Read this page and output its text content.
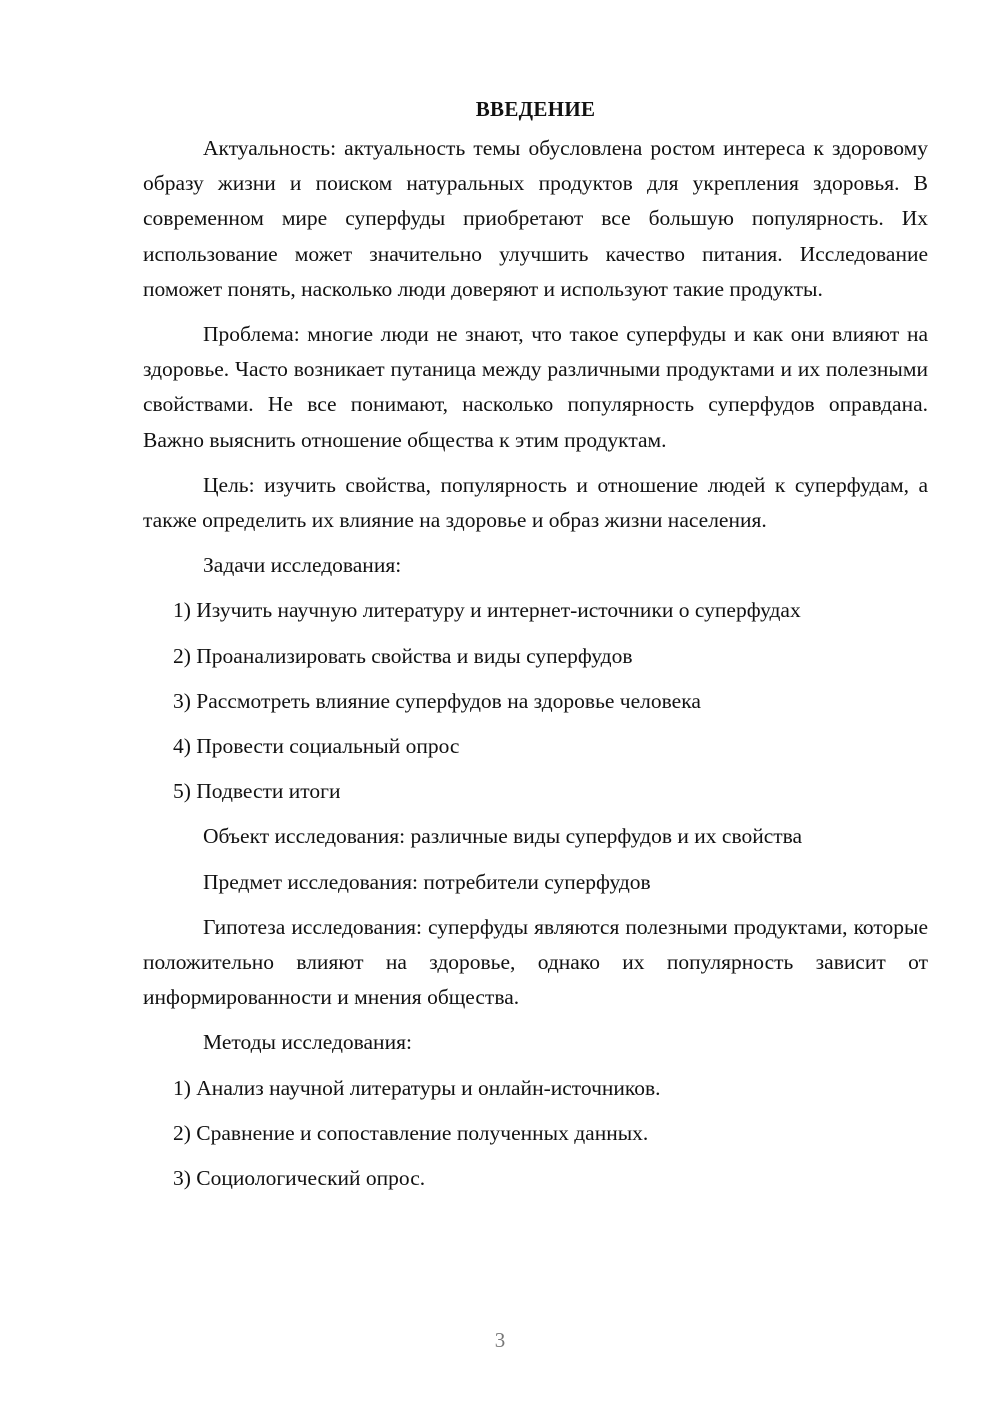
ВВЕДЕНИЕ

Актуальность: актуальность темы обусловлена ростом интереса к здоровому образу жизни и поиском натуральных продуктов для укрепления здоровья. В современном мире суперфуды приобретают все большую популярность. Их использование может значительно улучшить качество питания. Исследование поможет понять, насколько люди доверяют и используют такие продукты.

Проблема: многие люди не знают, что такое суперфуды и как они влияют на здоровье. Часто возникает путаница между различными продуктами и их полезными свойствами. Не все понимают, насколько популярность суперфудов оправдана. Важно выяснить отношение общества к этим продуктам.

Цель: изучить свойства, популярность и отношение людей к суперфудам, а также определить их влияние на здоровье и образ жизни населения.

Задачи исследования:
1) Изучить научную литературу и интернет-источники о суперфудах
2) Проанализировать свойства и виды суперфудов
3) Рассмотреть влияние суперфудов на здоровье человека
4) Провести социальный опрос
5) Подвести итоги
Объект исследования: различные виды суперфудов и их свойства
Предмет исследования: потребители суперфудов

Гипотеза исследования: суперфуды являются полезными продуктами, которые положительно влияют на здоровье, однако их популярность зависит от информированности и мнения общества.

Методы исследования:
1) Анализ научной литературы и онлайн-источников.
2) Сравнение и сопоставление полученных данных.
3) Социологический опрос.
3
